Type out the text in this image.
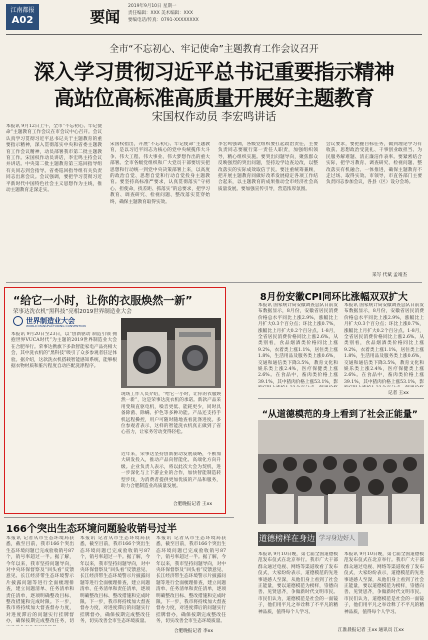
江南都报
A02	要闻
2019年9月10日 星期一
责任编辑：XXX 美术编辑：XXX
要编电话/传真：0791-XXXXXXXX
全市“不忘初心、牢记使命”主题教育工作会议召开
深入学习贯彻习近平总书记重要指示精神
高站位高标准高质量开展好主题教育
宋国权作动员 李宏鸣讲话
本报讯 9月12日上午，全市“不忘初心、牢记使命”主题教育工作会议在市会议中心召开。会议认真学习贯彻习近平总书记关于主题教育的重要指示精神，深入贯彻落实中央和省委主题教育工作会议精神，动员部署我市第二批主题教育工作。宋国权作动员讲话，李宏鸣主持会议并讲话。中央第二批主题教育第三巡回指导组有关同志到会指导。省委巡回指导组有关负责同志出席会议。会议强调，要把学习贯彻习近平新时代中国特色社会主义思想作为主线，推动主题教育走深走实。
宋国权指出，开展“不忘初心、牢记使命”主题教育，是以习近平同志为核心的党中央统揽伟大斗争、伟大工程、伟大事业、伟大梦想作出的重大部署。全市各级党组织和广大党员干部要切实把思想和行动统一到党中央决策部署上来，以高度的政治自觉、思想自觉和行动自觉投身主题教育。要坚持高标准严要求，认真贯彻落实“守初心、担使命，找差距、抓落实”的总要求，把学习教育、调查研究、检视问题、整改落实贯穿始终，确保主题教育取得实效。
李宏鸣强调，各级党组织要扛起政治责任，主要负责同志要履行第一责任人职责，加强组织领导，精心组织实施。要突出问题导向，聚焦群众反映强烈的突出问题，坚持边学边查边改，以整改落实的实际成效取信于民。要注重统筹兼顾，把开展主题教育同做好改革发展稳定各项工作结合起来，以主题教育的成果推动全市经济社会高质量发展。要加强宣传引导，营造浓厚氛围。
会议要求，要把握目标任务，做到理论学习有收获、思想政治受洗礼、干事创业敢担当、为民服务解难题、清正廉洁作表率。要紧密结合实际，把学习教育、调查研究、检视问题、整改落实有机融合、一体推进，确保主题教育不走过场、取得实效。市领导，市直各部门主要负责同志参加会议，各县（区）设分会场。
采写 代斌 孟靖杰
“给它一小时，让你的衣服焕然一新”
荣事达洗衣机“黑科技”亮相2019世界制造业大会
世界制造业大会
WORLD MANUFACTURING CONVENTION
本报讯 9月20日至23日，以“创新驱动 制造引领 拥抱世界VUCA时代”为主题的2019世界制造业大会在合肥举行。荣事达携旗下多款智能家电产品亮相大会，其中洗衣机的“黑科技”吸引了众多参观者驻足体验。据介绍，这款洗衣机搭载智能感知系统，能够根据衣物材质和脏污程度自动匹配洗涤程序。
现场工作人员介绍，“给它一小时，让你的衣服焕然一新”，这是荣事达洗衣机的承诺。新款产品采用变频直驱电机，噪音更低、能耗更少，同时具备除菌、除螨、护色等多种功能。产品还支持手机远程操控，用户可随时随地查看洗涤进度。多位参观者表示，这样的智能洗衣机真正做到了省心省力，让家务劳动变得轻松。
近年来，荣事达坚持创新驱动发展战略，不断加大研发投入，推动产品向智能化、高端化方向升级。企业负责人表示，将以此次大会为契机，进一步深化与上下游企业的合作，加快智能制造转型步伐，为消费者提供更加优质的产品和服务，助力合肥制造业高质量发展。
合肥晚报记者 王xx
8月份安徽CPI同环比涨幅双双扩大
本报讯 国家统计局安徽调查总队日前发布数据显示，8月份，安徽省居民消费价格总水平同比上涨2.9%，涨幅比上月扩大0.3个百分点；环比上涨0.7%，涨幅比上月扩大0.2个百分点。1-8月，全省居民消费价格同比上涨2.6%。从类别看，食品烟酒类价格同比上涨9.2%，衣着类上涨1.1%，居住类上涨1.8%，生活用品及服务类上涨0.6%，交通和通信类下降3.5%，教育文化和娱乐类上涨2.4%，医疗保健类上涨2.6%。在食品中，畜肉类价格上涨39.1%，其中猪肉价格上涨53.1%，影
本报讯 国家统计局安徽调查总队日前发布数据显示，8月份，安徽省居民消费价格总水平同比上涨2.9%，涨幅比上月扩大0.3个百分点；环比上涨0.7%，涨幅比上月扩大0.2个百分点。1-8月，全省居民消费价格同比上涨2.6%。从类别看，食品烟酒类价格同比上涨9.2%，衣着类上涨1.1%，居住类上涨1.8%，生活用品及服务类上涨0.6%，交通和通信类下降3.5%，教育文化和娱乐类上涨2.4%，医疗保健类上涨2.6%。在食品中，畜肉类价格上涨39.1%，其中猪肉价格上涨53.1%，影
记者 王xx
“从道德模范的身上看到了社会正能量”
道德榜样在身边 学习身边好人
本报讯 9月10日晚，第七届全国道德模范发布仪式在北京举行。我市广大干部群众通过电视、网络等渠道收看了发布仪式，大家纷纷表示，道德模范的先进事迹感人至深，从他们身上看到了社会正能量，要以道德模范为榜样，崇德向善、见贤思齐，争做新时代文明市民。市民们认为，道德模范是社会的一面镜子，他们用平凡之举诠释了不平凡的精神品质，值得每个人学习。
本报讯 9月10日晚，第七届全国道德模范发布仪式在北京举行。我市广大干部群众通过电视、网络等渠道收看了发布仪式，大家纷纷表示，道德模范的先进事迹感人至深，从他们身上看到了社会正能量，要以道德模范为榜样，崇德向善、见贤思齐，争做新时代文明市民。市民们认为，道德模范是社会的一面镜子，他们用平凡之举诠释了不平凡的精神品质，值得每个人学习。
江淮晨报记者 王xx 通讯员 江xx
166个突出生态环境问题验收销号过半
本报讯 记者从市生态环境局获悉，截至目前，我市166个突出生态环境问题已完成验收销号87个，销号率超过一半。据了解，今年以来，我市坚持问题导向，对中央环保督察及“回头看”反馈意见、长江经济带生态环境警示片披露问题等进行全面梳理排查，建立问题清单、任务清单和责任清单，逐项明确整改目标、整改措施和完成时限。下一步，我市将持续加大督查督办力度，对进度滞后的问题实行挂牌督办，确保按期完成整改任务，切
本报讯 记者从市生态环境局获悉，截至目前，我市166个突出生态环境问题已完成验收销号87个，销号率超过一半。据了解，今年以来，我市坚持问题导向，对中央环保督察及“回头看”反馈意见、长江经济带生态环境警示片披露问题等进行全面梳理排查，建立问题清单、任务清单和责任清单，逐项明确整改目标、整改措施和完成时限。下一步，我市将持续加大督查督办力度，对进度滞后的问题实行挂牌督办，确保按期完成整改任务，切实改善全市生态环境质量。
本报讯 记者从市生态环境局获悉，截至目前，我市166个突出生态环境问题已完成验收销号87个，销号率超过一半。据了解，今年以来，我市坚持问题导向，对中央环保督察及“回头看”反馈意见、长江经济带生态环境警示片披露问题等进行全面梳理排查，建立问题清单、任务清单和责任清单，逐项明确整改目标、整改措施和完成时限。下一步，我市将持续加大督查督办力度，对进度滞后的问题实行挂牌督办，确保按期完成整改任务，切实改善全市生态环境质量。
合肥晚报记者 李xx
